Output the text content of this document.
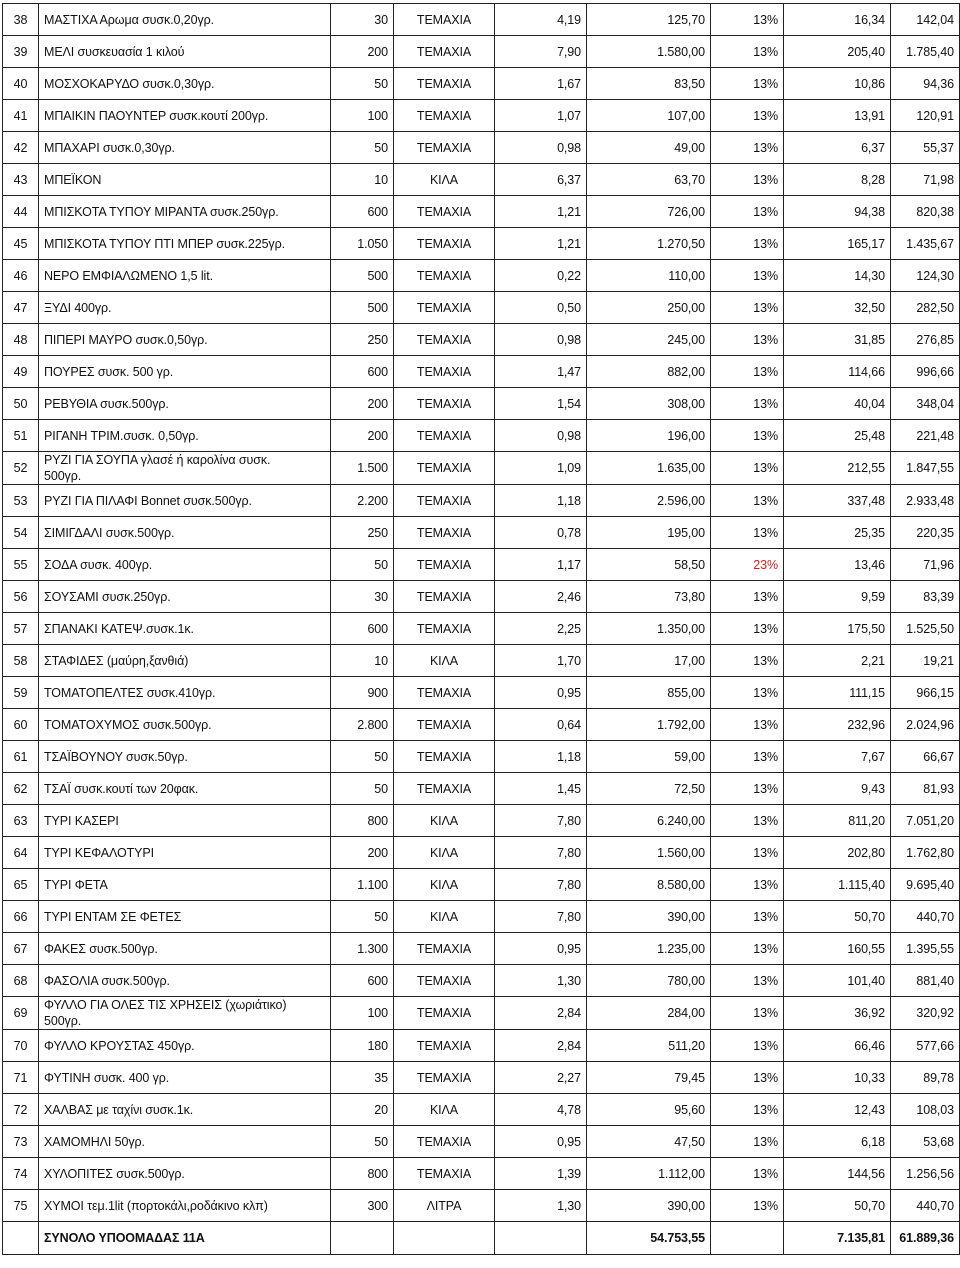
38	ΜΑΣΤΙΧΑ Αρωμα συσκ.0,20γρ.	30	ΤΕΜΑΧΙΑ	4,19	125,70	13%	16,34	142,04
39	ΜΕΛΙ συσκευασία 1 κιλού	200	ΤΕΜΑΧΙΑ	7,90	1.580,00	13%	205,40	1.785,40
40	ΜΟΣΧΟΚΑΡΥΔΟ συσκ.0,30γρ.	50	ΤΕΜΑΧΙΑ	1,67	83,50	13%	10,86	94,36
41	ΜΠΑΙΚΙΝ ΠΑΟΥΝΤΕΡ συσκ.κουτί 200γρ.	100	ΤΕΜΑΧΙΑ	1,07	107,00	13%	13,91	120,91
42	ΜΠΑΧΑΡΙ συσκ.0,30γρ.	50	ΤΕΜΑΧΙΑ	0,98	49,00	13%	6,37	55,37
43	ΜΠΕΪΚΟΝ	10	ΚΙΛΑ	6,37	63,70	13%	8,28	71,98
44	ΜΠΙΣΚΟΤΑ ΤΥΠΟΥ ΜΙΡΑΝΤΑ συσκ.250γρ.	600	ΤΕΜΑΧΙΑ	1,21	726,00	13%	94,38	820,38
45	ΜΠΙΣΚΟΤΑ ΤΥΠΟΥ ΠΤΙ ΜΠΕΡ συσκ.225γρ.	1.050	ΤΕΜΑΧΙΑ	1,21	1.270,50	13%	165,17	1.435,67
46	ΝΕΡΟ ΕΜΦΙΑΛΩΜΕΝΟ 1,5 lit.	500	ΤΕΜΑΧΙΑ	0,22	110,00	13%	14,30	124,30
47	ΞΥΔΙ 400γρ.	500	ΤΕΜΑΧΙΑ	0,50	250,00	13%	32,50	282,50
48	ΠΙΠΕΡΙ ΜΑΥΡΟ συσκ.0,50γρ.	250	ΤΕΜΑΧΙΑ	0,98	245,00	13%	31,85	276,85
49	ΠΟΥΡΕΣ συσκ. 500 γρ.	600	ΤΕΜΑΧΙΑ	1,47	882,00	13%	114,66	996,66
50	ΡΕΒΥΘΙΑ συσκ.500γρ.	200	ΤΕΜΑΧΙΑ	1,54	308,00	13%	40,04	348,04
51	ΡΙΓΑΝΗ ΤΡΙΜ.συσκ. 0,50γρ.	200	ΤΕΜΑΧΙΑ	0,98	196,00	13%	25,48	221,48
52	ΡΥΖΙ ΓΙΑ ΣΟΥΠΑ γλασέ ή καρολίνα συσκ.
500γρ.	1.500	ΤΕΜΑΧΙΑ	1,09	1.635,00	13%	212,55	1.847,55
53	ΡΥΖΙ ΓΙΑ ΠΙΛΑΦΙ Bonnet συσκ.500γρ.	2.200	ΤΕΜΑΧΙΑ	1,18	2.596,00	13%	337,48	2.933,48
54	ΣΙΜΙΓΔΑΛΙ συσκ.500γρ.	250	ΤΕΜΑΧΙΑ	0,78	195,00	13%	25,35	220,35
55	ΣΟΔΑ συσκ. 400γρ.	50	ΤΕΜΑΧΙΑ	1,17	58,50	23%	13,46	71,96
56	ΣΟΥΣΑΜΙ συσκ.250γρ.	30	ΤΕΜΑΧΙΑ	2,46	73,80	13%	9,59	83,39
57	ΣΠΑΝΑΚΙ ΚΑΤΕΨ.συσκ.1κ.	600	ΤΕΜΑΧΙΑ	2,25	1.350,00	13%	175,50	1.525,50
58	ΣΤΑΦΙΔΕΣ (μαύρη,ξανθιά)	10	ΚΙΛΑ	1,70	17,00	13%	2,21	19,21
59	ΤΟΜΑΤΟΠΕΛΤΕΣ συσκ.410γρ.	900	ΤΕΜΑΧΙΑ	0,95	855,00	13%	111,15	966,15
60	ΤΟΜΑΤΟΧΥΜΟΣ συσκ.500γρ.	2.800	ΤΕΜΑΧΙΑ	0,64	1.792,00	13%	232,96	2.024,96
61	ΤΣΑΪΒΟΥΝΟΥ συσκ.50γρ.	50	ΤΕΜΑΧΙΑ	1,18	59,00	13%	7,67	66,67
62	ΤΣΑΪ συσκ.κουτί των 20φακ.	50	ΤΕΜΑΧΙΑ	1,45	72,50	13%	9,43	81,93
63	ΤΥΡΙ ΚΑΣΕΡΙ	800	ΚΙΛΑ	7,80	6.240,00	13%	811,20	7.051,20
64	ΤΥΡΙ ΚΕΦΑΛΟΤΥΡΙ	200	ΚΙΛΑ	7,80	1.560,00	13%	202,80	1.762,80
65	ΤΥΡΙ ΦΕΤΑ	1.100	ΚΙΛΑ	7,80	8.580,00	13%	1.115,40	9.695,40
66	ΤΥΡΙ ΕΝΤΑΜ ΣΕ ΦΕΤΕΣ	50	ΚΙΛΑ	7,80	390,00	13%	50,70	440,70
67	ΦΑΚΕΣ συσκ.500γρ.	1.300	ΤΕΜΑΧΙΑ	0,95	1.235,00	13%	160,55	1.395,55
68	ΦΑΣΟΛΙΑ συσκ.500γρ.	600	ΤΕΜΑΧΙΑ	1,30	780,00	13%	101,40	881,40
69	ΦΥΛΛΟ ΓΙΑ ΟΛΕΣ ΤΙΣ ΧΡΗΣΕΙΣ (χωριάτικο)
500γρ.	100	ΤΕΜΑΧΙΑ	2,84	284,00	13%	36,92	320,92
70	ΦΥΛΛΟ ΚΡΟΥΣΤΑΣ 450γρ.	180	ΤΕΜΑΧΙΑ	2,84	511,20	13%	66,46	577,66
71	ΦΥΤΙΝΗ συσκ. 400 γρ.	35	ΤΕΜΑΧΙΑ	2,27	79,45	13%	10,33	89,78
72	ΧΑΛΒΑΣ με ταχίνι συσκ.1κ.	20	ΚΙΛΑ	4,78	95,60	13%	12,43	108,03
73	ΧΑΜΟΜΗΛΙ 50γρ.	50	ΤΕΜΑΧΙΑ	0,95	47,50	13%	6,18	53,68
74	ΧΥΛΟΠΙΤΕΣ συσκ.500γρ.	800	ΤΕΜΑΧΙΑ	1,39	1.112,00	13%	144,56	1.256,56
75	ΧΥΜΟΙ τεμ.1lit (πορτοκάλι,ροδάκινο κλπ)	300	ΛΙΤΡΑ	1,30	390,00	13%	50,70	440,70
	ΣΥΝΟΛΟ ΥΠΟΟΜΑΔΑΣ 11Α				54.753,55		7.135,81	61.889,36
